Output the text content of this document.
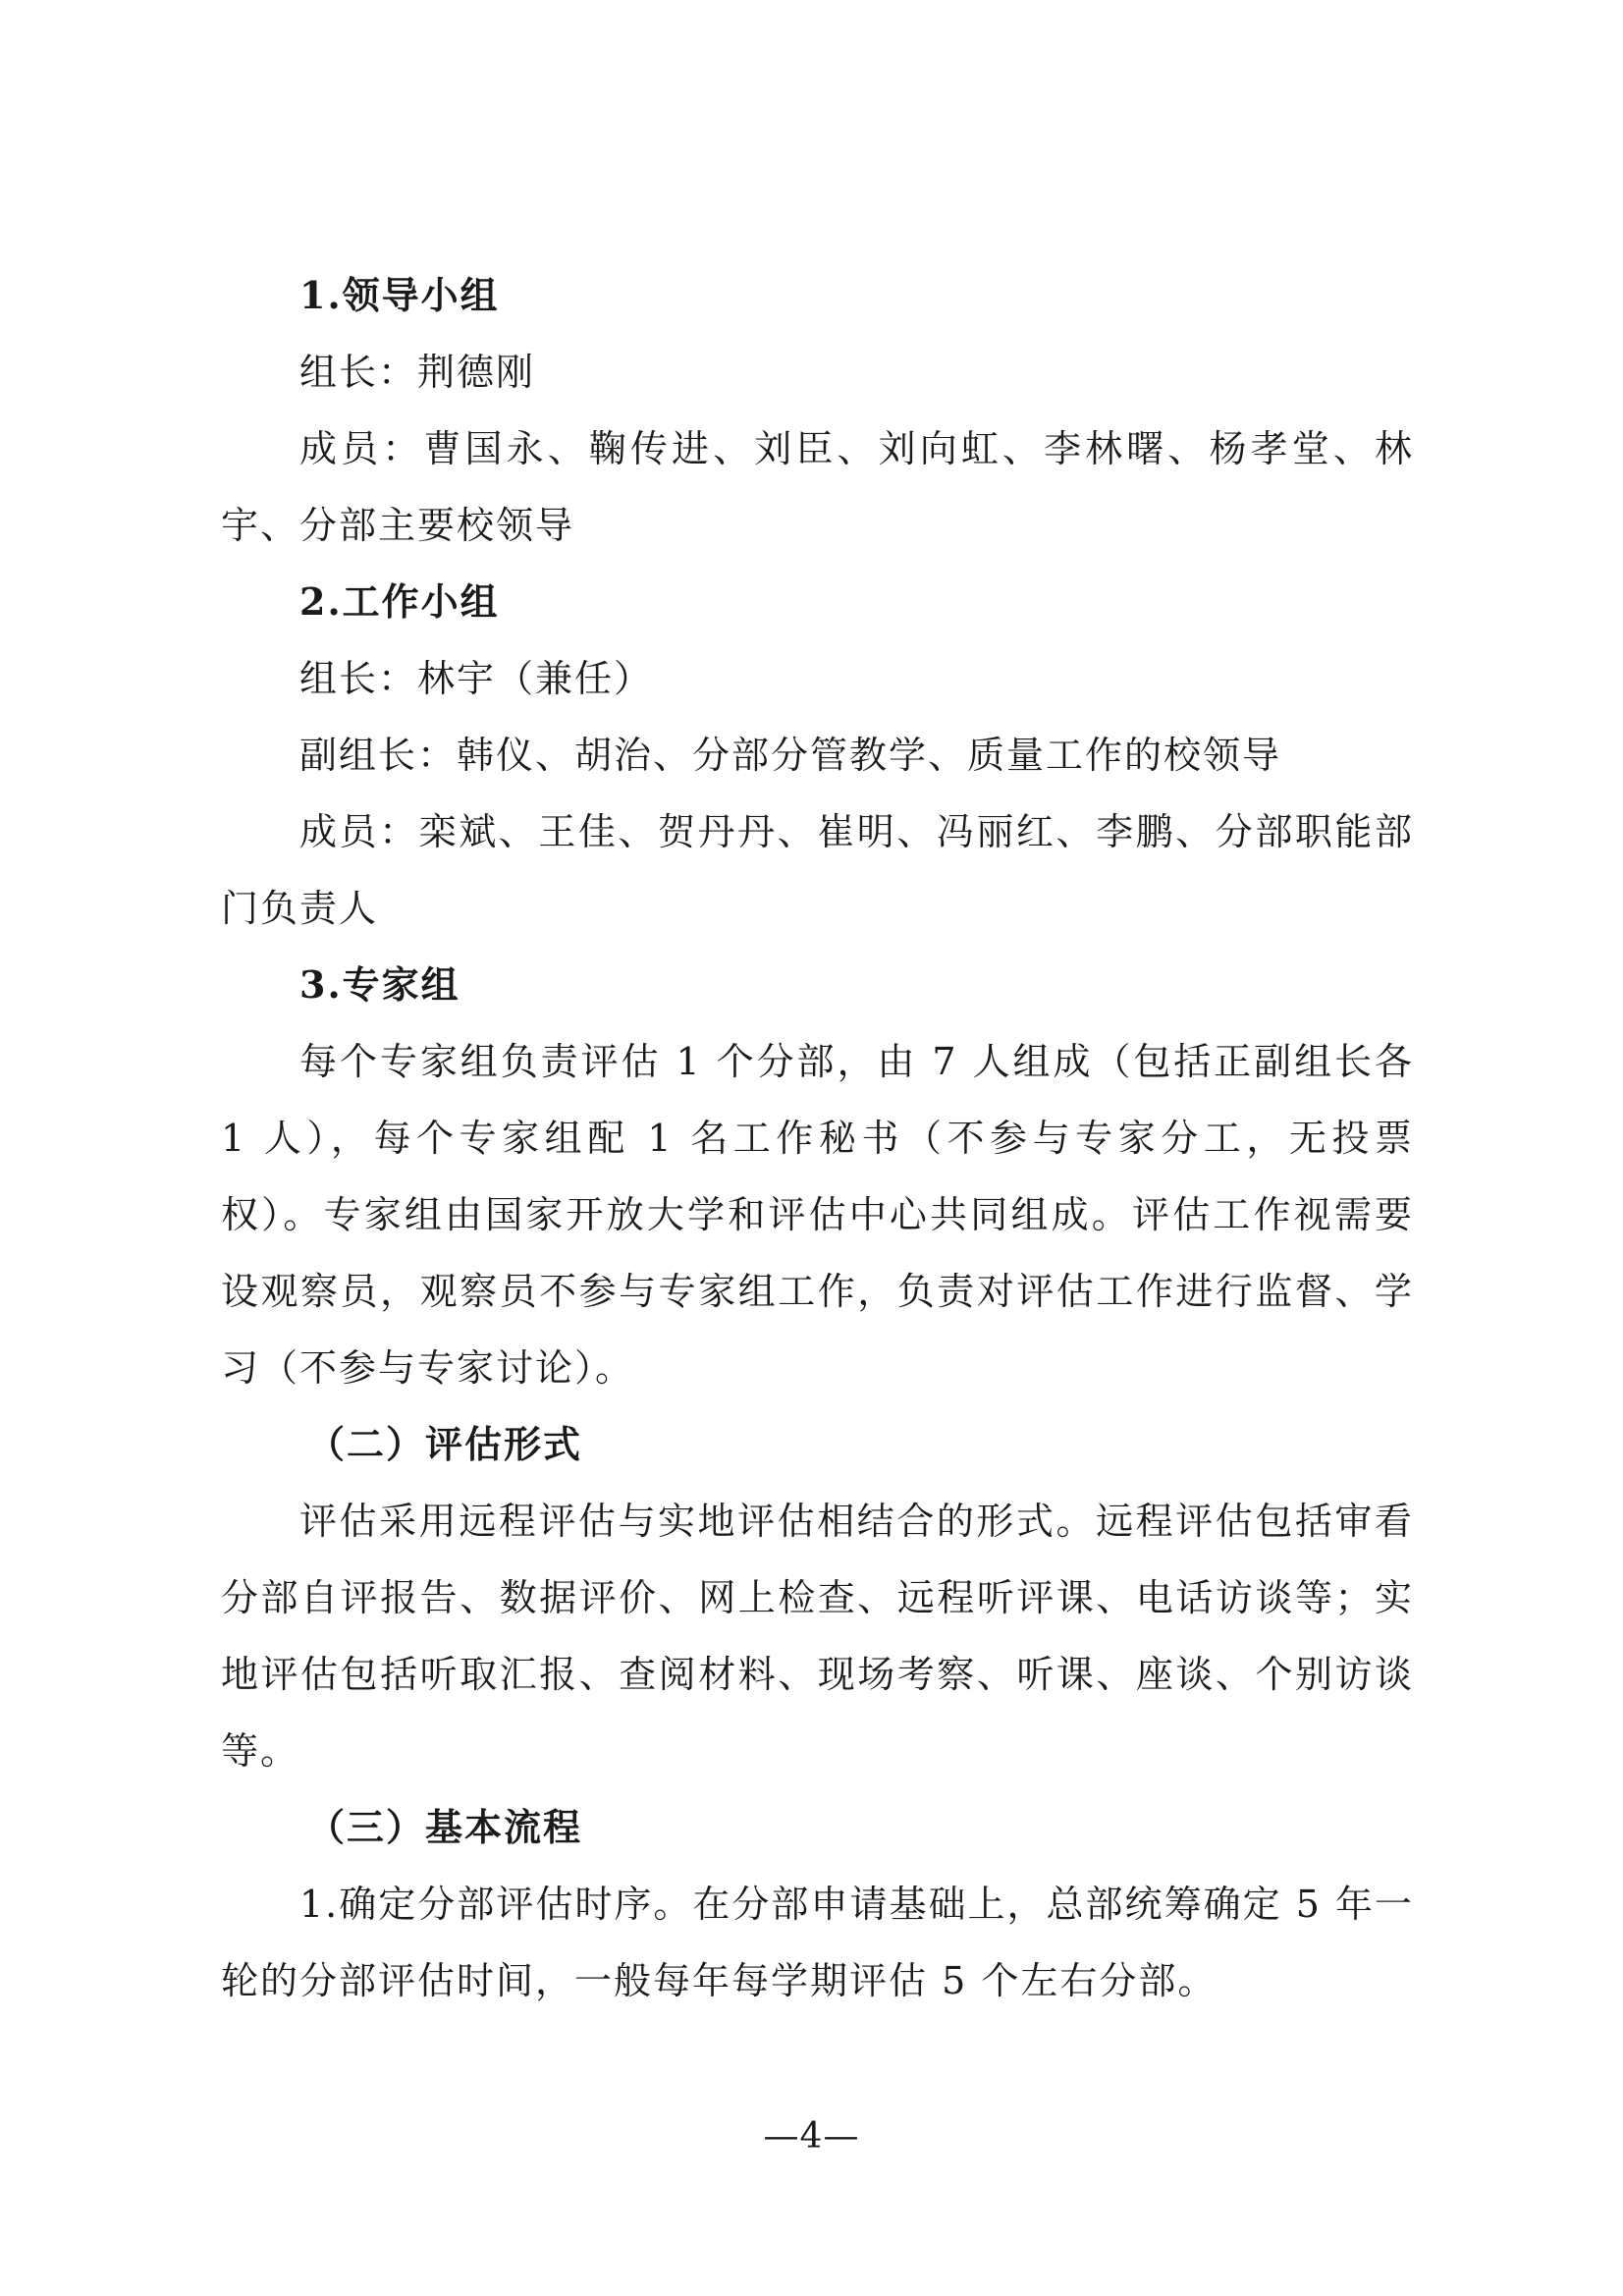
1.领导小组

组长：荆德刚

成员：曹国永、鞠传进、刘臣、刘向虹、李林曙、杨孝堂、林宇、分部主要校领导

2.工作小组

组长：林宇（兼任）

副组长：韩仪、胡治、分部分管教学、质量工作的校领导

成员：栾斌、王佳、贺丹丹、崔明、冯丽红、李鹏、分部职能部门负责人

3.专家组

每个专家组负责评估 1 个分部，由 7 人组成（包括正副组长各 1 人），每个专家组配 1 名工作秘书（不参与专家分工，无投票权）。专家组由国家开放大学和评估中心共同组成。评估工作视需要设观察员，观察员不参与专家组工作，负责对评估工作进行监督、学习（不参与专家讨论）。

（二）评估形式

评估采用远程评估与实地评估相结合的形式。远程评估包括审看分部自评报告、数据评价、网上检查、远程听评课、电话访谈等；实地评估包括听取汇报、查阅材料、现场考察、听课、座谈、个别访谈等。

（三）基本流程

1.确定分部评估时序。在分部申请基础上，总部统筹确定 5 年一轮的分部评估时间，一般每年每学期评估 5 个左右分部。

—4—
